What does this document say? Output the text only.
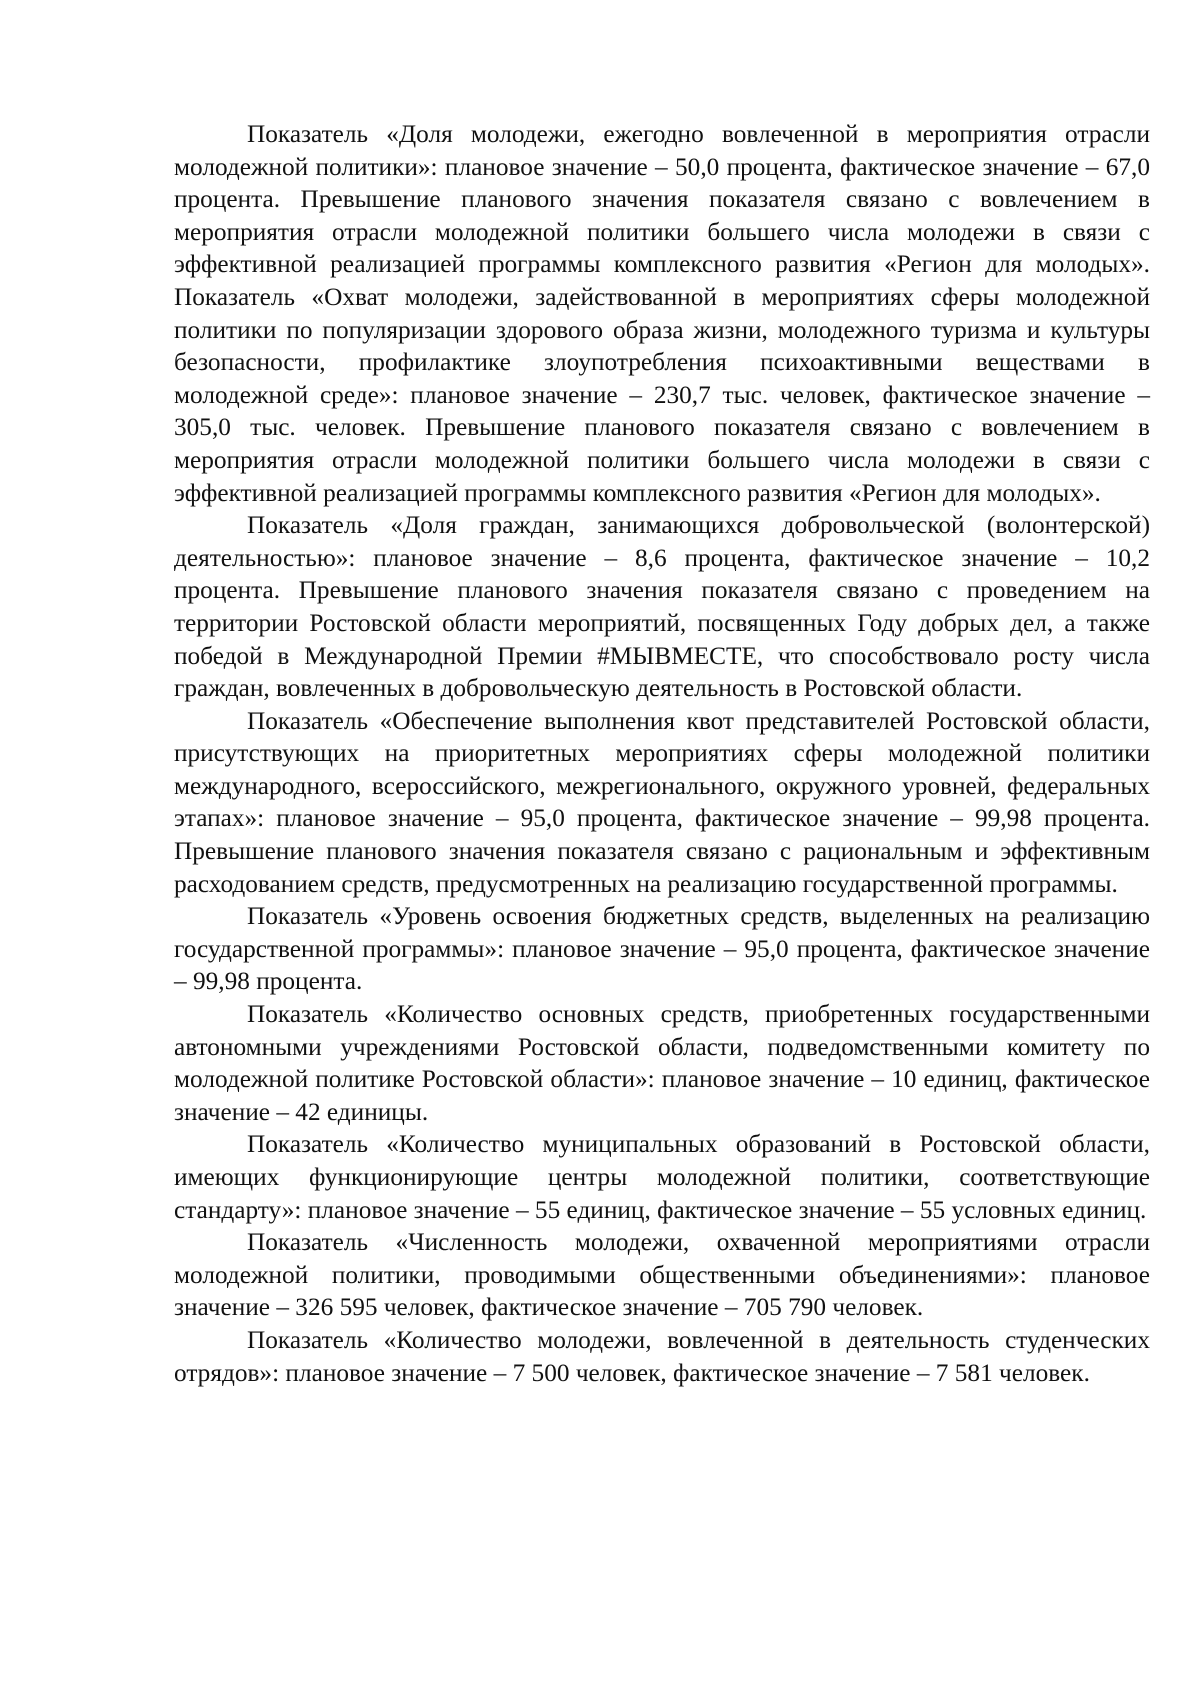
Показатель «Доля молодежи, ежегодно вовлеченной в мероприятия отрасли молодежной политики»: плановое значение – 50,0 процента, фактическое значение – 67,0 процента. Превышение планового значения показателя связано с вовлечением в мероприятия отрасли молодежной политики большего числа молодежи в связи с эффективной реализацией программы комплексного развития «Регион для молодых». Показатель «Охват молодежи, задействованной в мероприятиях сферы молодежной политики по популяризации здорового образа жизни, молодежного туризма и культуры безопасности, профилактике злоупотребления психоактивными веществами в молодежной среде»: плановое значение – 230,7 тыс. человек, фактическое значение – 305,0 тыс. человек. Превышение планового показателя связано с вовлечением в мероприятия отрасли молодежной политики большего числа молодежи в связи с эффективной реализацией программы комплексного развития «Регион для молодых».

Показатель «Доля граждан, занимающихся добровольческой (волонтерской) деятельностью»: плановое значение – 8,6 процента, фактическое значение – 10,2 процента. Превышение планового значения показателя связано с проведением на территории Ростовской области мероприятий, посвященных Году добрых дел, а также победой в Международной Премии #МЫВМЕСТЕ, что способствовало росту числа граждан, вовлеченных в добровольческую деятельность в Ростовской области.

Показатель «Обеспечение выполнения квот представителей Ростовской области, присутствующих на приоритетных мероприятиях сферы молодежной политики международного, всероссийского, межрегионального, окружного уровней, федеральных этапах»: плановое значение – 95,0 процента, фактическое значение – 99,98 процента. Превышение планового значения показателя связано с рациональным и эффективным расходованием средств, предусмотренных на реализацию государственной программы.

Показатель «Уровень освоения бюджетных средств, выделенных на реализацию государственной программы»: плановое значение – 95,0 процента, фактическое значение – 99,98 процента.

Показатель «Количество основных средств, приобретенных государственными автономными учреждениями Ростовской области, подведомственными комитету по молодежной политике Ростовской области»: плановое значение – 10 единиц, фактическое значение – 42 единицы.

Показатель «Количество муниципальных образований в Ростовской области, имеющих функционирующие центры молодежной политики, соответствующие стандарту»: плановое значение – 55 единиц, фактическое значение – 55 условных единиц.

Показатель «Численность молодежи, охваченной мероприятиями отрасли молодежной политики, проводимыми общественными объединениями»: плановое значение – 326 595 человек, фактическое значение – 705 790 человек.

Показатель «Количество молодежи, вовлеченной в деятельность студенческих отрядов»: плановое значение – 7 500 человек, фактическое значение – 7 581 человек.
